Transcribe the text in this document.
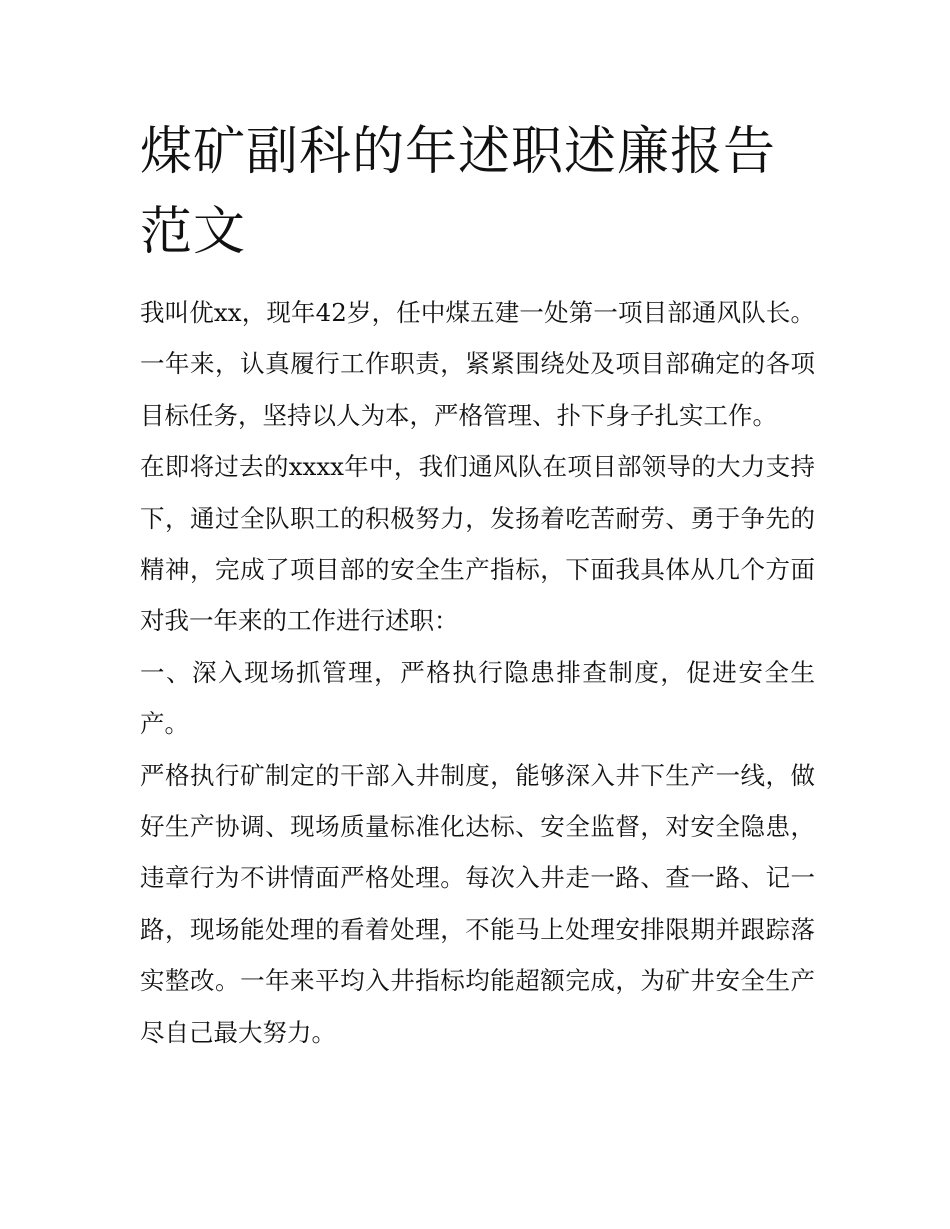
煤矿副科的年述职述廉报告范文

我叫优xx，现年42岁，任中煤五建一处第一项目部通风队长。一年来，认真履行工作职责，紧紧围绕处及项目部确定的各项目标任务，坚持以人为本，严格管理、扑下身子扎实工作。

在即将过去的xxxx年中，我们通风队在项目部领导的大力支持下，通过全队职工的积极努力，发扬着吃苦耐劳、勇于争先的精神，完成了项目部的安全生产指标，下面我具体从几个方面对我一年来的工作进行述职：

一、深入现场抓管理，严格执行隐患排查制度，促进安全生产。

严格执行矿制定的干部入井制度，能够深入井下生产一线，做好生产协调、现场质量标准化达标、安全监督，对安全隐患，违章行为不讲情面严格处理。每次入井走一路、查一路、记一路，现场能处理的看着处理，不能马上处理安排限期并跟踪落实整改。一年来平均入井指标均能超额完成，为矿井安全生产尽自己最大努力。
